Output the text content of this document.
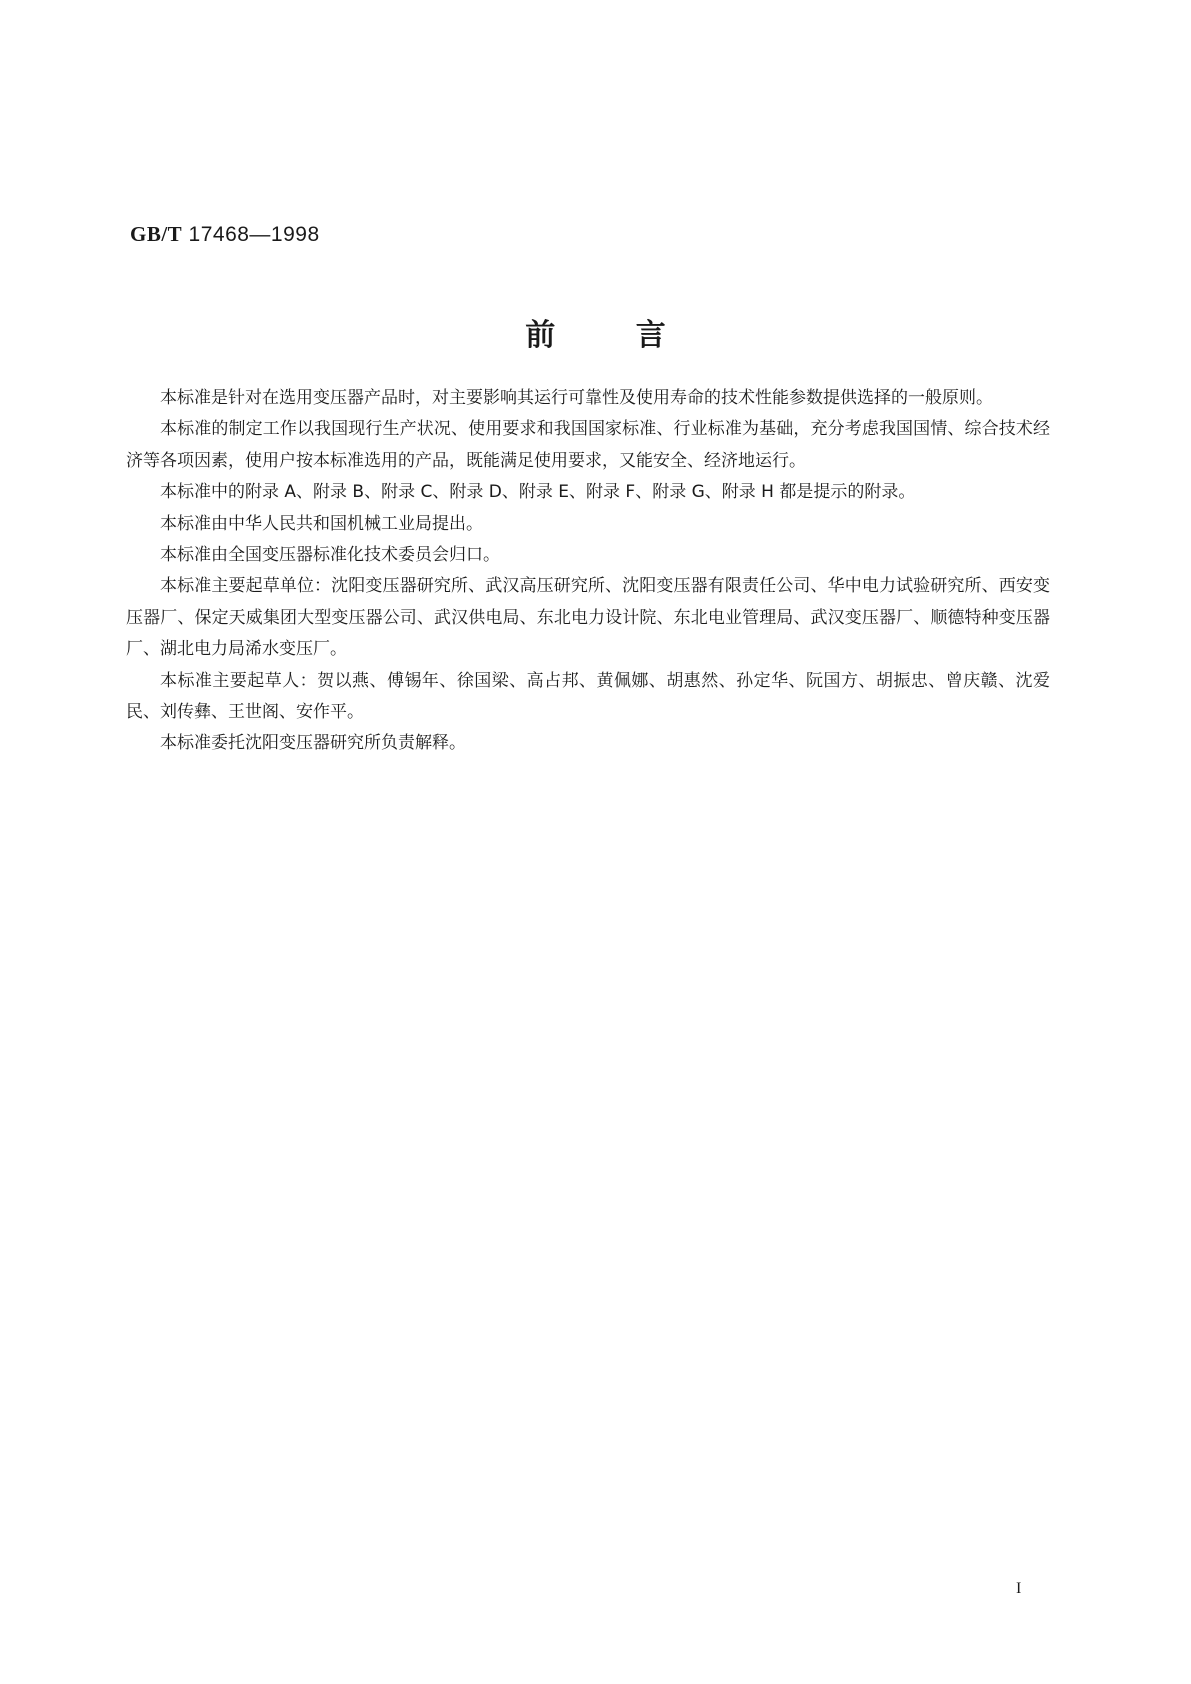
GB/T 17468—1998
前	言

本标准是针对在选用变压器产品时，对主要影响其运行可靠性及使用寿命的技术性能参数提供选择的一般原则。

本标准的制定工作以我国现行生产状况、使用要求和我国国家标准、行业标准为基础，充分考虑我国国情、综合技术经济等各项因素，使用户按本标准选用的产品，既能满足使用要求，又能安全、经济地运行。

本标准中的附录 A、附录 B、附录 C、附录 D、附录 E、附录 F、附录 G、附录 H 都是提示的附录。

本标准由中华人民共和国机械工业局提出。

本标准由全国变压器标准化技术委员会归口。

本标准主要起草单位：沈阳变压器研究所、武汉高压研究所、沈阳变压器有限责任公司、华中电力试验研究所、西安变压器厂、保定天威集团大型变压器公司、武汉供电局、东北电力设计院、东北电业管理局、武汉变压器厂、顺德特种变压器厂、湖北电力局浠水变压厂。

本标准主要起草人：贺以燕、傅锡年、徐国梁、高占邦、黄佩娜、胡惠然、孙定华、阮国方、胡振忠、曾庆赣、沈爱民、刘传彝、王世阁、安作平。

本标准委托沈阳变压器研究所负责解释。

I
